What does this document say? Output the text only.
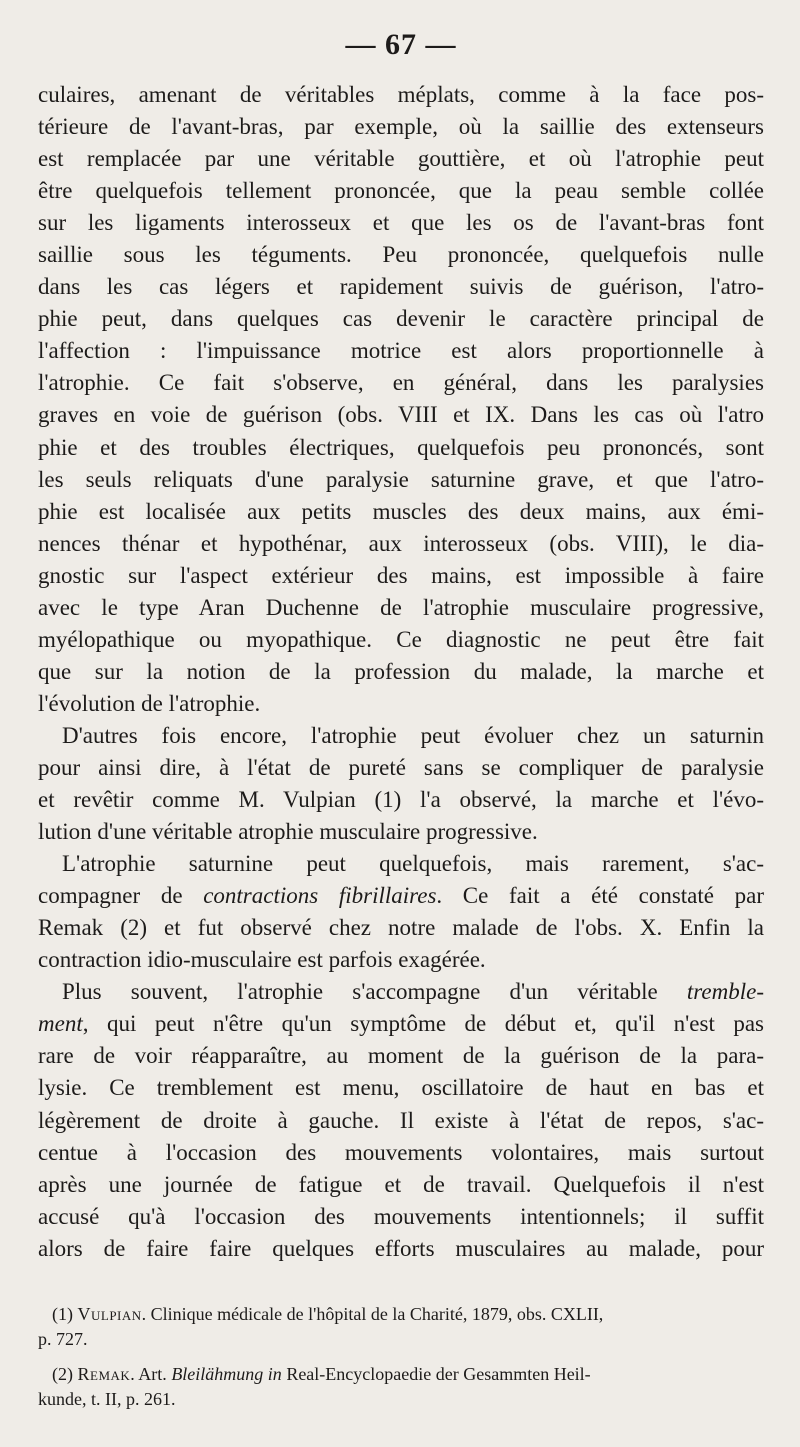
— 67 —

culaires, amenant de véritables méplats, comme à la face pos-
térieure de l'avant-bras, par exemple, où la saillie des extenseurs
est remplacée par une véritable gouttière, et où l'atrophie peut
être quelquefois tellement prononcée, que la peau semble collée
sur les ligaments interosseux et que les os de l'avant-bras font
saillie sous les téguments. Peu prononcée, quelquefois nulle
dans les cas légers et rapidement suivis de guérison, l'atro-
phie peut, dans quelques cas devenir le caractère principal de
l'affection : l'impuissance motrice est alors proportionnelle à
l'atrophie. Ce fait s'observe, en général, dans les paralysies
graves en voie de guérison (obs. VIII et IX. Dans les cas où l'atro
phie et des troubles électriques, quelquefois peu prononcés, sont
les seuls reliquats d'une paralysie saturnine grave, et que l'atro-
phie est localisée aux petits muscles des deux mains, aux émi-
nences thénar et hypothénar, aux interosseux (obs. VIII), le dia-
gnostic sur l'aspect extérieur des mains, est impossible à faire
avec le type Aran Duchenne de l'atrophie musculaire progressive,
myélopathique ou myopathique. Ce diagnostic ne peut être fait
que sur la notion de la profession du malade, la marche et
l'évolution de l'atrophie.

D'autres fois encore, l'atrophie peut évoluer chez un saturnin
pour ainsi dire, à l'état de pureté sans se compliquer de paralysie
et revêtir comme M. Vulpian (1) l'a observé, la marche et l'évo-
lution d'une véritable atrophie musculaire progressive.

L'atrophie saturnine peut quelquefois, mais rarement, s'ac-
compagner de contractions fibrillaires. Ce fait a été constaté par
Remak (2) et fut observé chez notre malade de l'obs. X. Enfin la
contraction idio-musculaire est parfois exagérée.

Plus souvent, l'atrophie s'accompagne d'un véritable tremble-
ment, qui peut n'être qu'un symptôme de début et, qu'il n'est pas
rare de voir réapparaître, au moment de la guérison de la para-
lysie. Ce tremblement est menu, oscillatoire de haut en bas et
légèrement de droite à gauche. Il existe à l'état de repos, s'ac-
centue à l'occasion des mouvements volontaires, mais surtout
après une journée de fatigue et de travail. Quelquefois il n'est
accusé qu'à l'occasion des mouvements intentionnels; il suffit
alors de faire faire quelques efforts musculaires au malade, pour

(1) Vulpian. Clinique médicale de l'hôpital de la Charité, 1879, obs. CXLII,
p. 727.
(2) Remak. Art. Bleilähmung in Real-Encyclopaedie der Gesammten Heil-
kunde, t. II, p. 261.
